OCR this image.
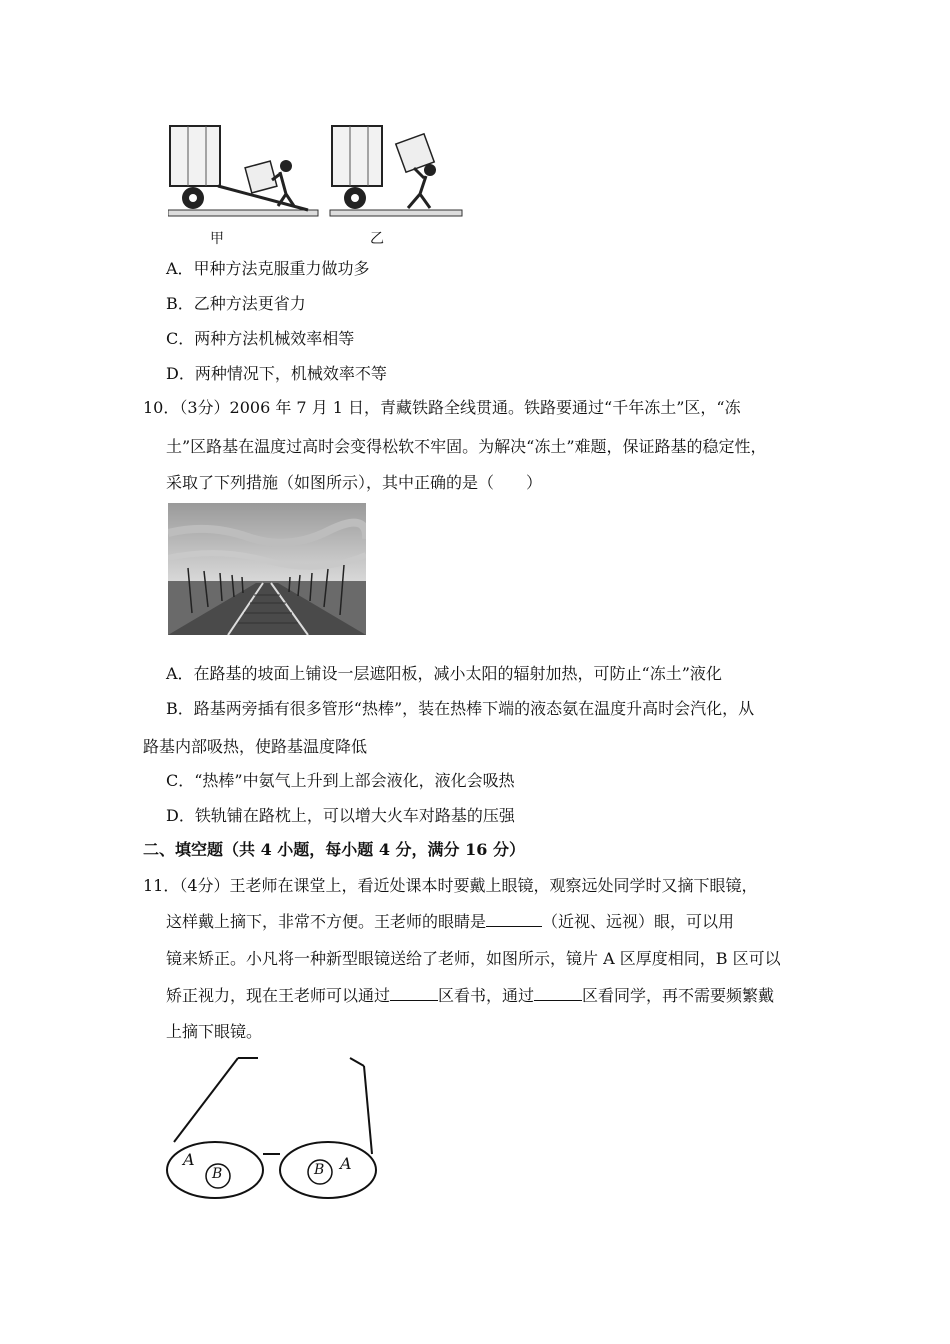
甲	乙
A．甲种方法克服重力做功多
B．乙种方法更省力
C．两种方法机械效率相等
D．两种情况下，机械效率不等
10．（3分）2006 年 7 月 1 日，青藏铁路全线贯通。铁路要通过“千年冻土”区，“冻
土”区路基在温度过高时会变得松软不牢固。为解决“冻土”难题，保证路基的稳定性，
采取了下列措施（如图所示），其中正确的是（　　）
A．在路基的坡面上铺设一层遮阳板，减小太阳的辐射加热，可防止“冻土”液化
B．路基两旁插有很多管形“热棒”，装在热棒下端的液态氨在温度升高时会汽化，从
路基内部吸热，使路基温度降低
C．“热棒”中氨气上升到上部会液化，液化会吸热
D．铁轨铺在路枕上，可以增大火车对路基的压强
二、填空题（共 4 小题，每小题 4 分，满分 16 分）
11．（4分）王老师在课堂上，看近处课本时要戴上眼镜，观察远处同学时又摘下眼镜，
这样戴上摘下，非常不方便。王老师的眼睛是	（近视、远视）眼，可以用
镜来矫正。小凡将一种新型眼镜送给了老师，如图所示，镜片 A 区厚度相同，B 区可以
矫正视力，现在王老师可以通过	区看书，通过	区看同学，再不需要频繁戴
上摘下眼镜。
A
B	B A
